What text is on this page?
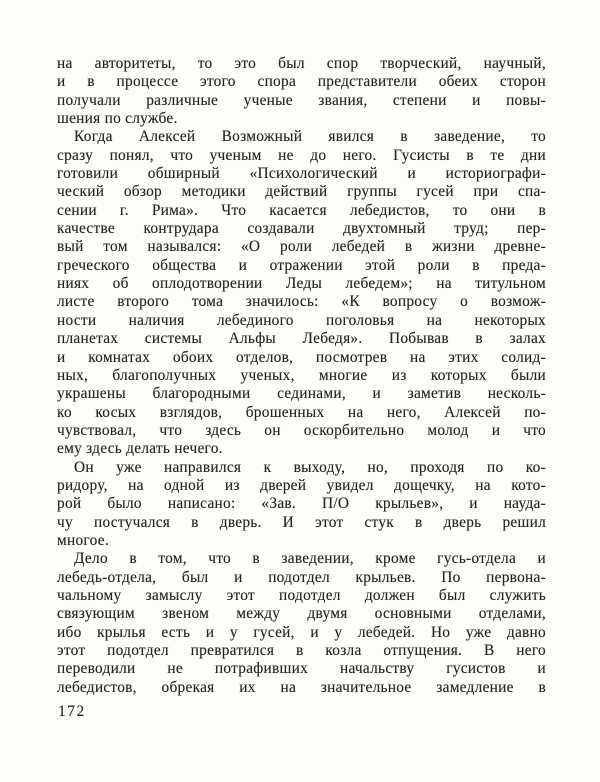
на авторитеты, то это был спор творческий, научный,
и в процессе этого спора представители обеих сторон
получали различные ученые звания, степени и повы-
шения по службе.
Когда Алексей Возможный явился в заведение, то
сразу понял, что ученым не до него. Гусисты в те дни
готовили обширный «Психологический и историографи-
ческий обзор методики действий группы гусей при спа-
сении г. Рима». Что касается лебедистов, то они в
качестве контрудара создавали двухтомный труд; пер-
вый том назывался: «О роли лебедей в жизни древне-
греческого общества и отражении этой роли в преда-
ниях об оплодотворении Леды лебедем»; на титульном
листе второго тома значилось: «К вопросу о возмож-
ности наличия лебединого поголовья на некоторых
планетах системы Альфы Лебедя». Побывав в залах
и комнатах обоих отделов, посмотрев на этих солид-
ных, благополучных ученых, многие из которых были
украшены благородными сединами, и заметив несколь-
ко косых взглядов, брошенных на него, Алексей по-
чувствовал, что здесь он оскорбительно молод и что
ему здесь делать нечего.
Он уже направился к выходу, но, проходя по ко-
ридору, на одной из дверей увидел дощечку, на кото-
рой было написано: «Зав. П/О крыльев», и науда-
чу постучался в дверь. И этот стук в дверь решил
многое.
Дело в том, что в заведении, кроме гусь-отдела и
лебедь-отдела, был и подотдел крыльев. По первона-
чальному замыслу этот подотдел должен был служить
связующим звеном между двумя основными отделами,
ибо крылья есть и у гусей, и у лебедей. Но уже давно
этот подотдел превратился в козла отпущения. В него
переводили не потрафивших начальству гусистов и
лебедистов, обрекая их на значительное замедление в
172
